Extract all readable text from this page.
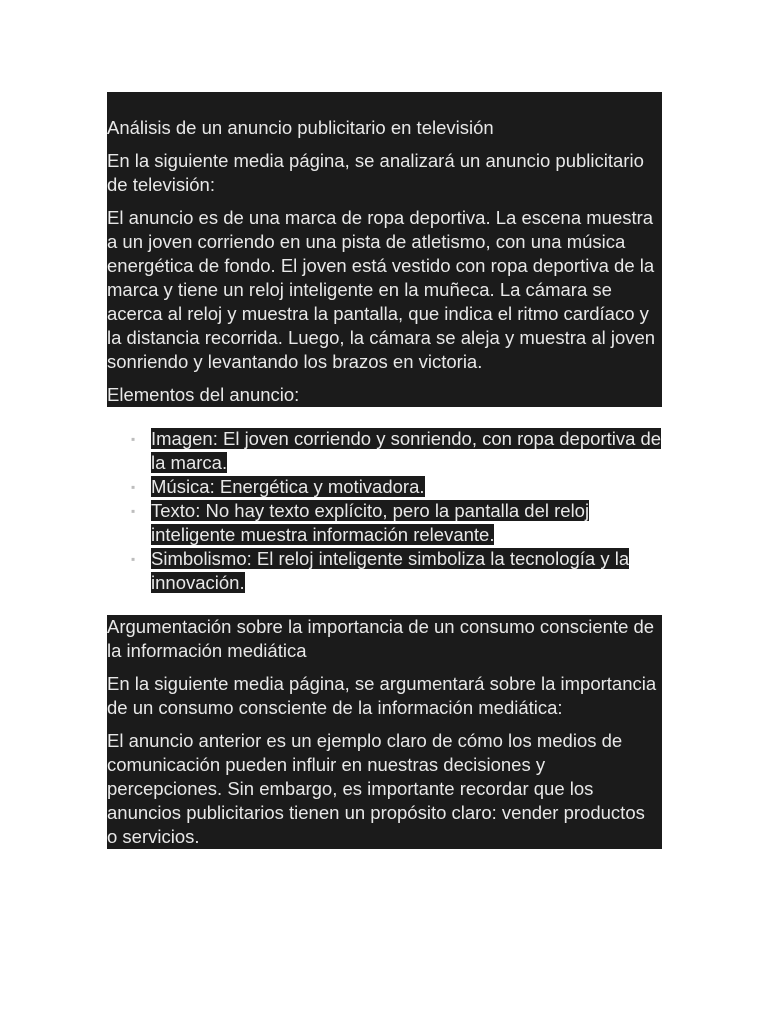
Análisis de un anuncio publicitario en televisión

En la siguiente media página, se analizará un anuncio publicitario de televisión:

El anuncio es de una marca de ropa deportiva. La escena muestra a un joven corriendo en una pista de atletismo, con una música energética de fondo. El joven está vestido con ropa deportiva de la marca y tiene un reloj inteligente en la muñeca. La cámara se acerca al reloj y muestra la pantalla, que indica el ritmo cardíaco y la distancia recorrida. Luego, la cámara se aleja y muestra al joven sonriendo y levantando los brazos en victoria.

Elementos del anuncio:

▪ Imagen: El joven corriendo y sonriendo, con ropa deportiva de la marca.
▪ Música: Energética y motivadora.
▪ Texto: No hay texto explícito, pero la pantalla del reloj inteligente muestra información relevante.
▪ Simbolismo: El reloj inteligente simboliza la tecnología y la innovación.

Argumentación sobre la importancia de un consumo consciente de la información mediática

En la siguiente media página, se argumentará sobre la importancia de un consumo consciente de la información mediática:

El anuncio anterior es un ejemplo claro de cómo los medios de comunicación pueden influir en nuestras decisiones y percepciones. Sin embargo, es importante recordar que los anuncios publicitarios tienen un propósito claro: vender productos o servicios.
